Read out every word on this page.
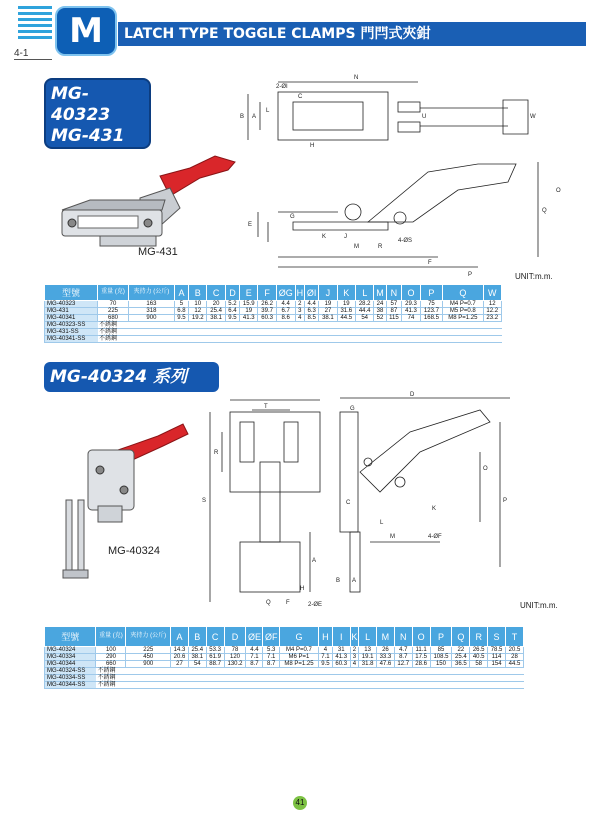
M	LATCH TYPE TOGGLE CLAMPS 門閂式夾鉗
4-1
MG-40323
MG-431
MG-40341
MG-431
N
2-ØI
B A
C
H
L
U	W
Q
O
G
K	J
M	R
E
4-ØS
F
P	UNIT:m.m.
型號	重量 (克)	夾持力 (公斤)	A	B	C	D	E	F	ØG	H	ØI	J	K	L	M	N	O	P	Q	W
MG-40323	70	163	5	10	20	5.2	15.9	26.2	4.4	2	4.4	19	19	28.2	24	57	29.3	75	M4 P=0.7	12
MG-431	225	318	6.8	12	25.4	6.4	19	39.7	6.7	3	6.3	27	31.6	44.4	38	87	41.3	123.7	M5 P=0.8	12.2
MG-40341	680	900	9.5	19.2	38.1	9.5	41.3	60.3	8.6	4	8.5	38.1	44.5	54	52	115	74	168.5	M8 P=1.25	23.2
MG-40323-SS	不銹鋼																			
MG-431-SS	不銹鋼																			
MG-40341-SS	不銹鋼																			
MG-40324 系列
MG-40324
T
R
S
A
H
Q	F	2-ØE
D
G
C
O
P
K
L
M	4-ØF
B A
UNIT:m.m.
型號	重量 (克)	夾持力 (公斤)	A	B	C	D	ØE	ØF	G	H	I	K	L	M	N	O	P	Q	R	S	T
MG-40324	100	225	14.3	25.4	53.3	78	4.4	5.3	M4 P=0.7	4	31	2	13	26	4.7	11.1	85	22	26.5	78.5	20.5
MG-40334	290	450	20.6	38.1	61.9	120	7.1	7.1	M6 P=1	7.1	41.3	3	19.1	33.3	8.7	17.5	108.5	25.4	40.5	114	28
MG-40344	660	900	27	54	88.7	130.2	8.7	8.7	M8 P=1.25	9.5	60.3	4	31.8	47.6	12.7	28.6	150	36.5	58	154	44.5
MG-40324-SS	不銹鋼																				
MG-40334-SS	不銹鋼																				
MG-40344-SS	不銹鋼																				
41
